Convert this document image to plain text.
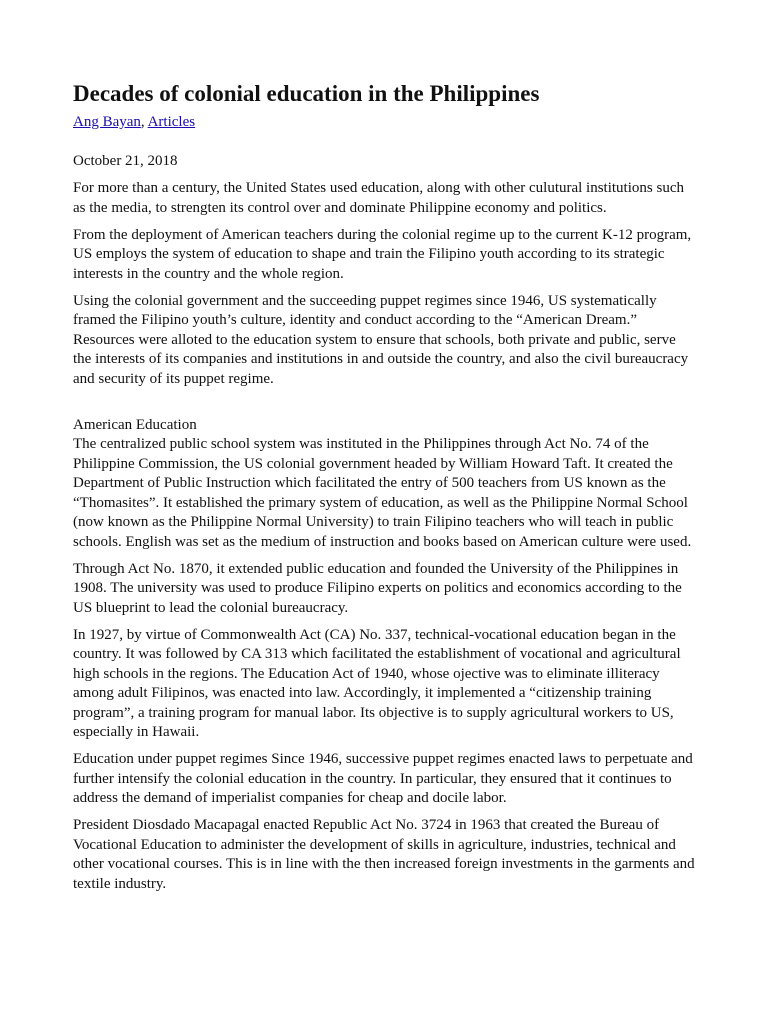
Decades of colonial education in the Philippines
Ang Bayan, Articles

October 21, 2018

For more than a century, the United States used education, along with other culutural institutions such as the media, to strengten its control over and dominate Philippine economy and politics.

From the deployment of American teachers during the colonial regime up to the current K-12 program, US employs the system of education to shape and train the Filipino youth according to its strategic interests in the country and the whole region.

Using the colonial government and the succeeding puppet regimes since 1946, US systematically framed the Filipino youth’s culture, identity and conduct according to the “American Dream.” Resources were alloted to the education system to ensure that schools, both private and public, serve the interests of its companies and institutions in and outside the country, and also the civil bureaucracy and security of its puppet regime.

American Education
The centralized public school system was instituted in the Philippines through Act No. 74 of the Philippine Commission, the US colonial government headed by William Howard Taft. It created the Department of Public Instruction which facilitated the entry of 500 teachers from US known as the “Thomasites”. It established the primary system of education, as well as the Philippine Normal School (now known as the Philippine Normal University) to train Filipino teachers who will teach in public schools. English was set as the medium of instruction and books based on American culture were used.

Through Act No. 1870, it extended public education and founded the University of the Philippines in 1908. The university was used to produce Filipino experts on politics and economics according to the US blueprint to lead the colonial bureaucracy.

In 1927, by virtue of Commonwealth Act (CA) No. 337, technical-vocational education began in the country. It was followed by CA 313 which facilitated the establishment of vocational and agricultural high schools in the regions. The Education Act of 1940, whose ojective was to eliminate illiteracy among adult Filipinos, was enacted into law. Accordingly, it implemented a “citizenship training program”, a training program for manual labor. Its objective is to supply agricultural workers to US, especially in Hawaii.

Education under puppet regimes Since 1946, successive puppet regimes enacted laws to perpetuate and further intensify the colonial education in the country. In particular, they ensured that it continues to address the demand of imperialist companies for cheap and docile labor.

President Diosdado Macapagal enacted Republic Act No. 3724 in 1963 that created the Bureau of Vocational Education to administer the development of skills in agriculture, industries, technical and other vocational courses. This is in line with the then increased foreign investments in the garments and textile industry.
